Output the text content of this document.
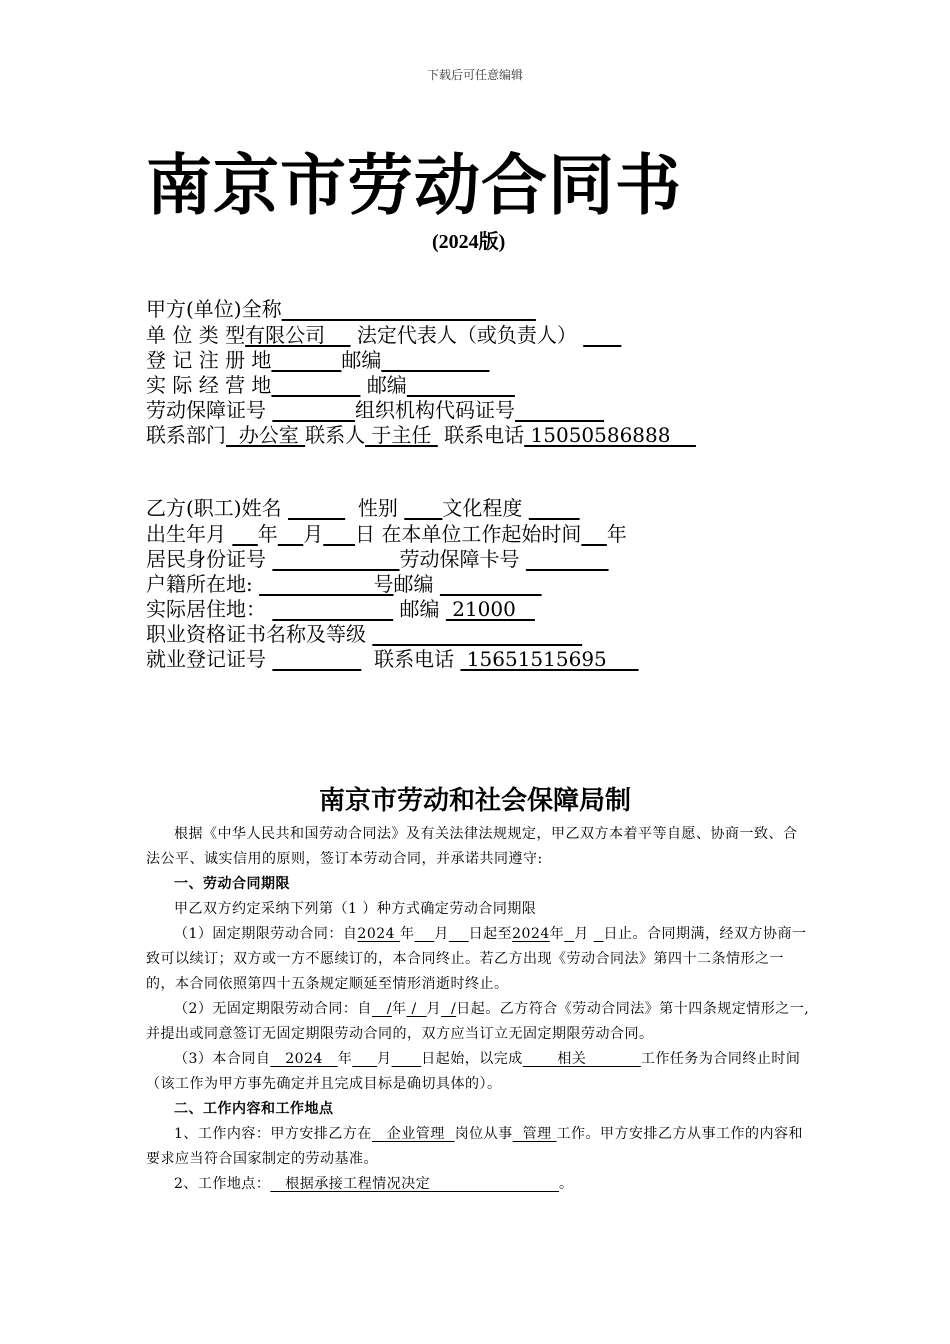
下载后可任意编辑
南京市劳动合同书
(2024版)
甲方(单位)全称
单 位 类 型有限公司     法定代表人（或负责人）
登 记 注 册 地	邮编
实 际 经 营 地	邮编
劳动保障证号	组织机构代码证号
联系部门  办公室 联系人 于主任  联系电话 15050586888
乙方(职工)姓名	性别 文化程度
出生年月 年 月 日 在本单位工作起始时间 年
居民身份证号	劳动保障卡号
户籍所在地:                   号邮编
实际居住地：	邮编  21000
职业资格证书名称及等级
就业登记证号	联系电话  15651515695
南京市劳动和社会保障局制

根据《中华人民共和国劳动合同法》及有关法律法规规定，甲乙双方本着平等自愿、协商一致、合法公平、诚实信用的原则，签订本劳动合同，并承诺共同遵守:

一、劳动合同期限

甲乙双方约定采纳下列第（1 ）种方式确定劳动合同期限

（1）固定期限劳动合同：自2024 年 月 日起至2024年 月   日止。合同期满，经双方协商一致可以续订；双方或一方不愿续订的，本合同终止。若乙方出现《劳动合同法》第四十二条情形之一的，本合同依照第四十五条规定顺延至情形消逝时终止。

（2）无固定期限劳动合同：自   /年 /  月  /日起。乙方符合《劳动合同法》第十四条规定情形之一,并提出或同意签订无固定期限劳动合同的，双方应当订立无固定期限劳动合同。

（3）本合同自   2024   年 月 日起始，以完成       相关           工作任务为合同终止时间（该工作为甲方事先确定并且完成目标是确切具体的）。

二、工作内容和工作地点

1、工作内容：甲方安排乙方在   企业管理  岗位从事  管理 工作。甲方安排乙方从事工作的内容和要求应当符合国家制定的劳动基准。

2、工作地点：   根据承接工程情况决定                          。
